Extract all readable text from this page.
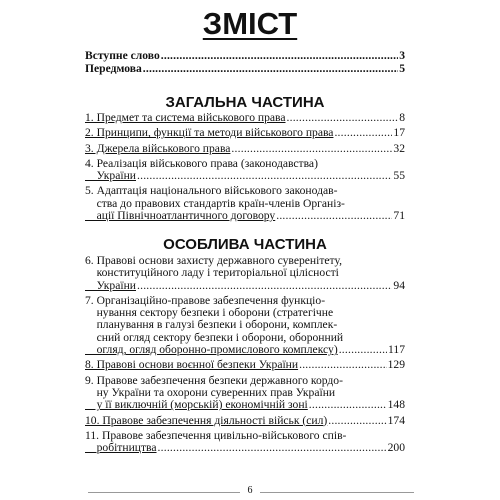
ЗМІСТ
Вступне слово .....	3
Передмова .....	5
ЗАГАЛЬНА ЧАСТИНА
1. Предмет та система військового права .....	8
2. Принципи, функції та методи військового права .....	17
3. Джерела військового права .....	32
4. Реалізація військового права (законодавства)
України .....	55
5. Адаптація національного військового законодав-
ства до правових стандартів країн-членів Організ-
ації Північноатлантичного договору .....	71
ОСОБЛИВА ЧАСТИНА
6. Правові основи захисту державного суверенітету,
конституційного ладу і територіальної цілісності
України .....	94
7. Організаційно-правове забезпечення функціо-
нування сектору безпеки і оборони (стратегічне
планування в галузі безпеки і оборони, комплек-
сний огляд сектору безпеки і оборони, оборонний
огляд, огляд оборонно-промислового комплексу) .....	117
8. Правові основи воєнної безпеки України .....	129
9. Правове забезпечення безпеки державного кордо-
ну України та охорони суверенних прав України
у її виключній (морській) економічній зоні .....	148
10. Правове забезпечення діяльності військ (сил) .....	174
11. Правове забезпечення цивільно-військового спів-
робітництва .....	200
6
